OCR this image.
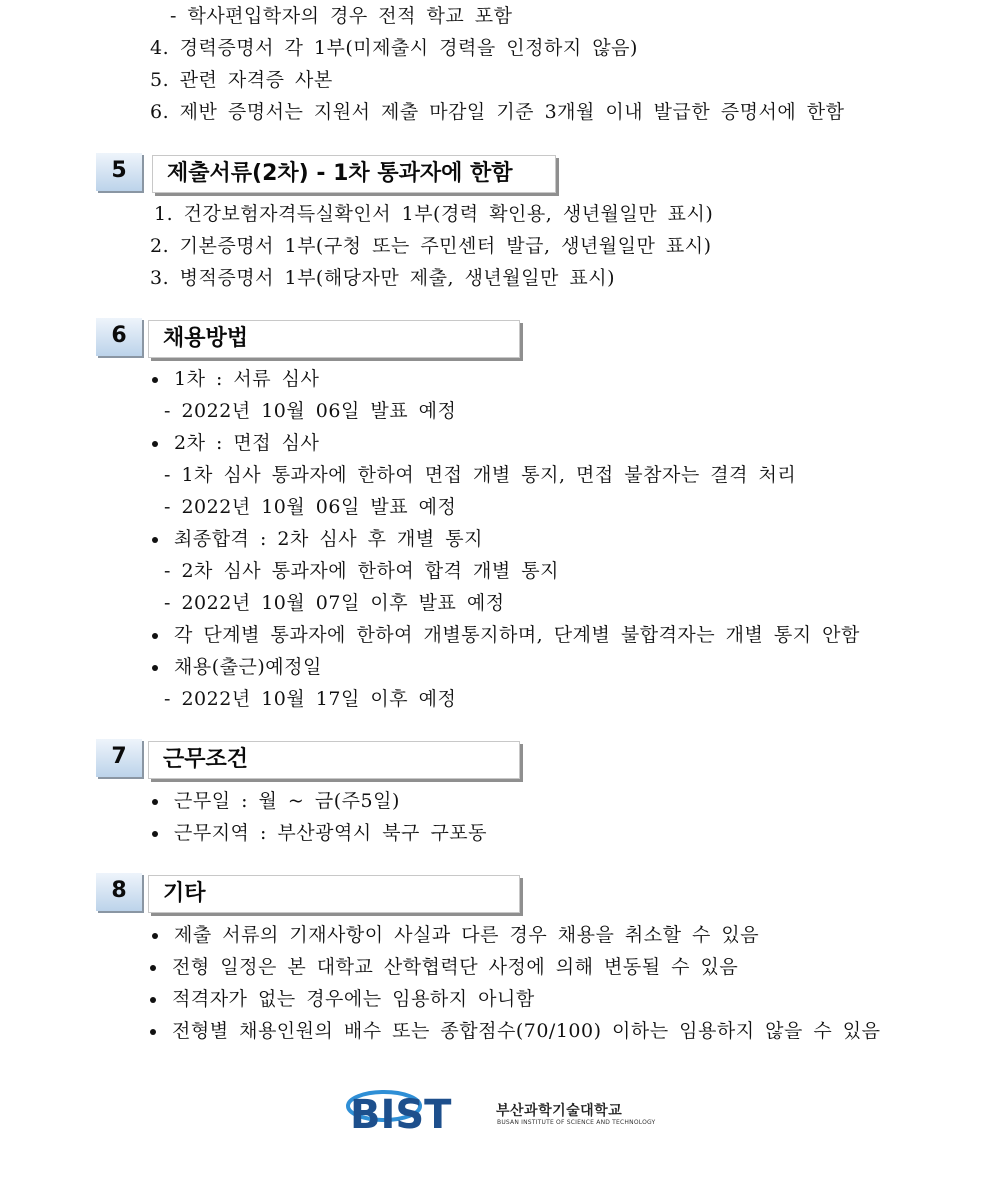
- 학사편입학자의 경우 전적 학교 포함
4. 경력증명서 각 1부(미제출시 경력을 인정하지 않음)
5. 관련 자격증 사본
6. 제반 증명서는 지원서 제출 마감일 기준 3개월 이내 발급한 증명서에 한함
5	제출서류(2차) - 1차 통과자에 한함
1. 건강보험자격득실확인서 1부(경력 확인용, 생년월일만 표시)
2. 기본증명서 1부(구청 또는 주민센터 발급, 생년월일만 표시)
3. 병적증명서 1부(해당자만 제출, 생년월일만 표시)
6	채용방법
1차 : 서류 심사
- 2022년 10월 06일 발표 예정
2차 : 면접 심사
- 1차 심사 통과자에 한하여 면접 개별 통지, 면접 불참자는 결격 처리
- 2022년 10월 06일 발표 예정
최종합격 : 2차 심사 후 개별 통지
- 2차 심사 통과자에 한하여 합격 개별 통지
- 2022년 10월 07일 이후 발표 예정
각 단계별 통과자에 한하여 개별통지하며, 단계별 불합격자는 개별 통지 안함
채용(출근)예정일
- 2022년 10월 17일 이후 예정
7	근무조건
근무일 : 월 ~ 금(주5일)
근무지역 : 부산광역시 북구 구포동
8	기타
제출 서류의 기재사항이 사실과 다른 경우 채용을 취소할 수 있음
전형 일정은 본 대학교 산학협력단 사정에 의해 변동될 수 있음
적격자가 없는 경우에는 임용하지 아니함
전형별 채용인원의 배수 또는 종합점수(70/100) 이하는 임용하지 않을 수 있음
BIST	부산과학기술대학교
BUSAN INSTITUTE OF SCIENCE AND TECHNOLOGY
